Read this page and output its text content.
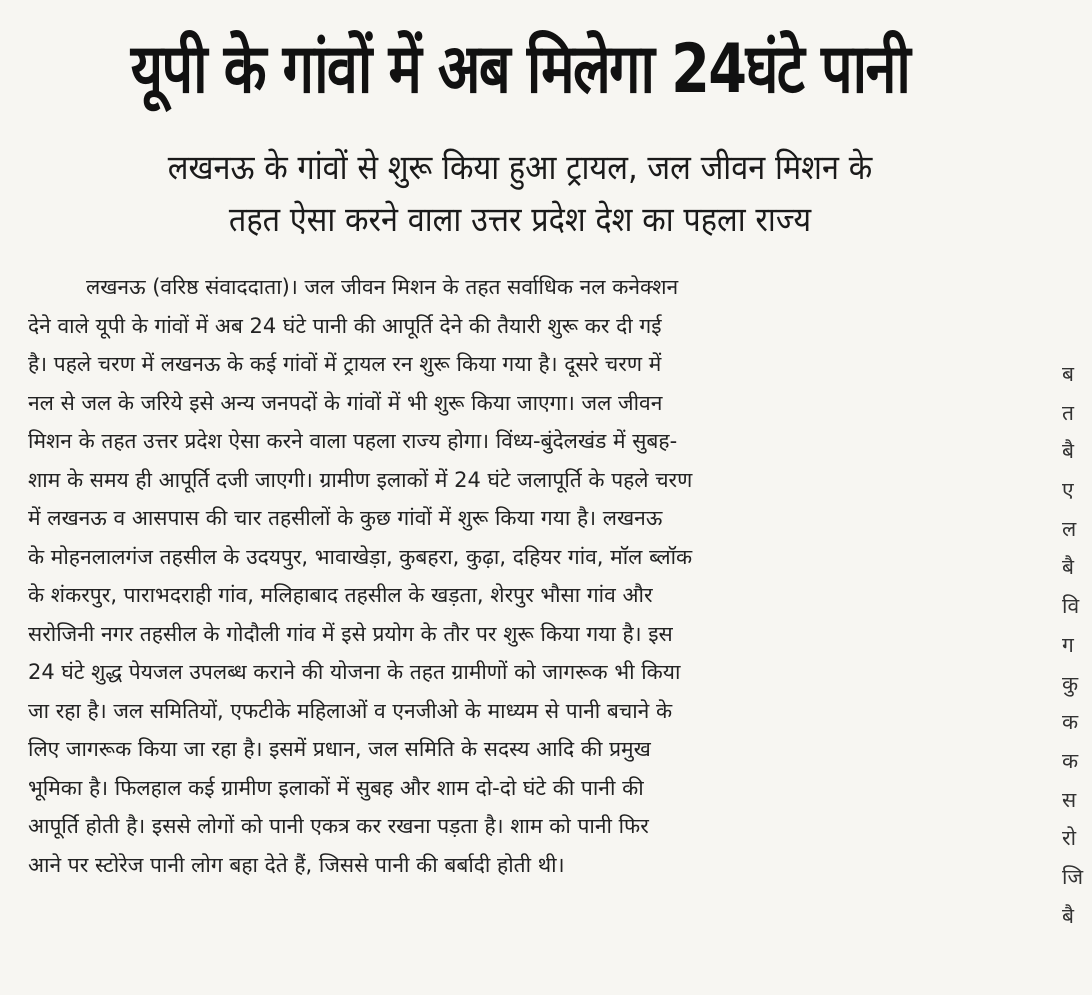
यूपी के गांवों में अब मिलेगा 24घंटे पानी
लखनऊ के गांवों से शुरू किया हुआ ट्रायल, जल जीवन मिशन के
तहत ऐसा करने वाला उत्तर प्रदेश देश का पहला राज्य
लखनऊ (वरिष्ठ संवाददाता)। जल जीवन मिशन के तहत सर्वाधिक नल कनेक्शन
देने वाले यूपी के गांवों में अब 24 घंटे पानी की आपूर्ति देने की तैयारी शुरू कर दी गई
है। पहले चरण में लखनऊ के कई गांवों में ट्रायल रन शुरू किया गया है। दूसरे चरण में
नल से जल के जरिये इसे अन्य जनपदों के गांवों में भी शुरू किया जाएगा। जल जीवन
मिशन के तहत उत्तर प्रदेश ऐसा करने वाला पहला राज्य होगा। विंध्य-बुंदेलखंड में सुबह-
शाम के समय ही आपूर्ति दजी जाएगी। ग्रामीण इलाकों में 24 घंटे जलापूर्ति के पहले चरण
में लखनऊ व आसपास की चार तहसीलों के कुछ गांवों में शुरू किया गया है। लखनऊ
के मोहनलालगंज तहसील के उदयपुर, भावाखेड़ा, कुबहरा, कुढ़ा, दहियर गांव, मॉल ब्लॉक
के शंकरपुर, पाराभदराही गांव, मलिहाबाद तहसील के खड़ता, शेरपुर भौसा गांव और
सरोजिनी नगर तहसील के गोदौली गांव में इसे प्रयोग के तौर पर शुरू किया गया है। इस
24 घंटे शुद्ध पेयजल उपलब्ध कराने की योजना के तहत ग्रामीणों को जागरूक भी किया
जा रहा है। जल समितियों, एफटीके महिलाओं व एनजीओ के माध्यम से पानी बचाने के
लिए जागरूक किया जा रहा है। इसमें प्रधान, जल समिति के सदस्य आदि की प्रमुख
भूमिका है। फिलहाल कई ग्रामीण इलाकों में सुबह और शाम दो-दो घंटे की पानी की
आपूर्ति होती है। इससे लोगों को पानी एकत्र कर रखना पड़ता है। शाम को पानी फिर
आने पर स्टोरेज पानी लोग बहा देते हैं, जिससे पानी की बर्बादी होती थी।
ब
त
बै
ए
ल
बै
वि
ग
कु
क
क
स
रो
जि
बै
